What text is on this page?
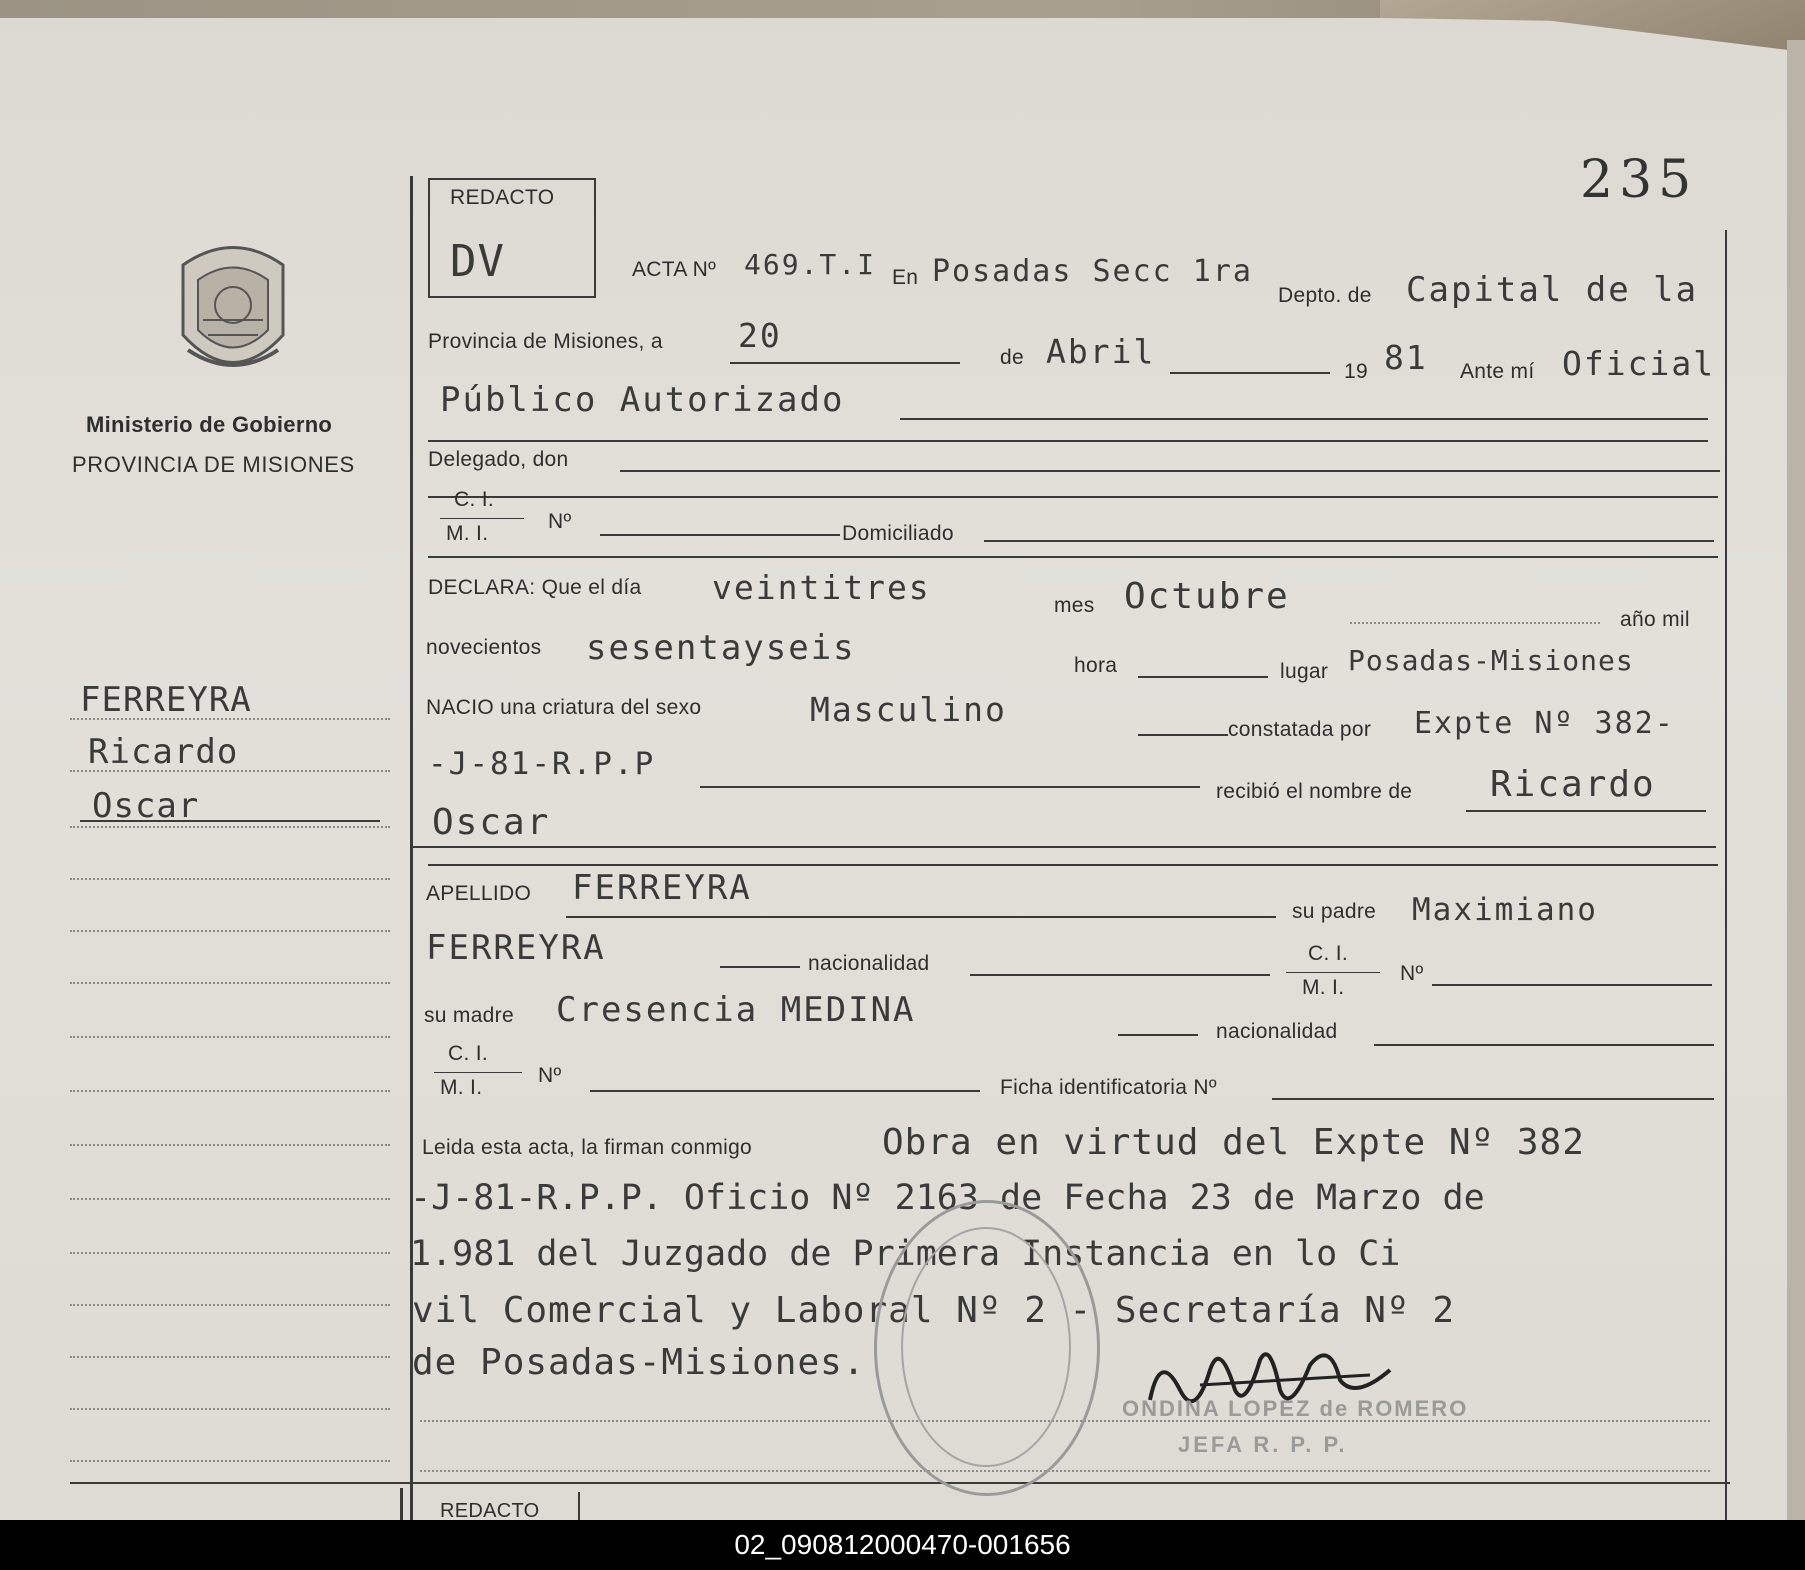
235
Ministerio de Gobierno
PROVINCIA DE MISIONES
FERREYRA
Ricardo
Oscar
REDACTO
DV	ACTA Nº 469.T.I En Posadas Secc 1ra
Depto. de Capital de la
Provincia de Misiones, a 20
de Abril
19 81 Ante mí Oficial
Público Autorizado
Delegado, don
C. I.
M. I.
Nº
Domiciliado
DECLARA: Que el día veintitres	mes Octubre
año mil
novecientos sesentayseis	hora	lugar Posadas-Misiones
NACIO una criatura del sexo	Masculino
constatada por Expte Nº 382-
-J-81-R.P.P
recibió el nombre de Ricardo
Oscar
APELLIDO FERREYRA
su padre Maximiano
FERREYRA	nacionalidad	C. I.
M. I.
Nº
su madre Cresencia MEDINA
nacionalidad
C. I.
M. I.
Nº
Ficha identificatoria Nº
Leida esta acta, la firman conmigo	Obra en virtud del Expte Nº 382
-J-81-R.P.P. Oficio Nº 2163 de Fecha 23 de Marzo de
1.981 del Juzgado de Primera Instancia en lo Ci
vil Comercial y Laboral Nº 2 - Secretaría Nº 2
de Posadas-Misiones.
ONDINA LOPEZ de ROMERO
JEFA R. P. P.
REDACTO
02_090812000470-001656
